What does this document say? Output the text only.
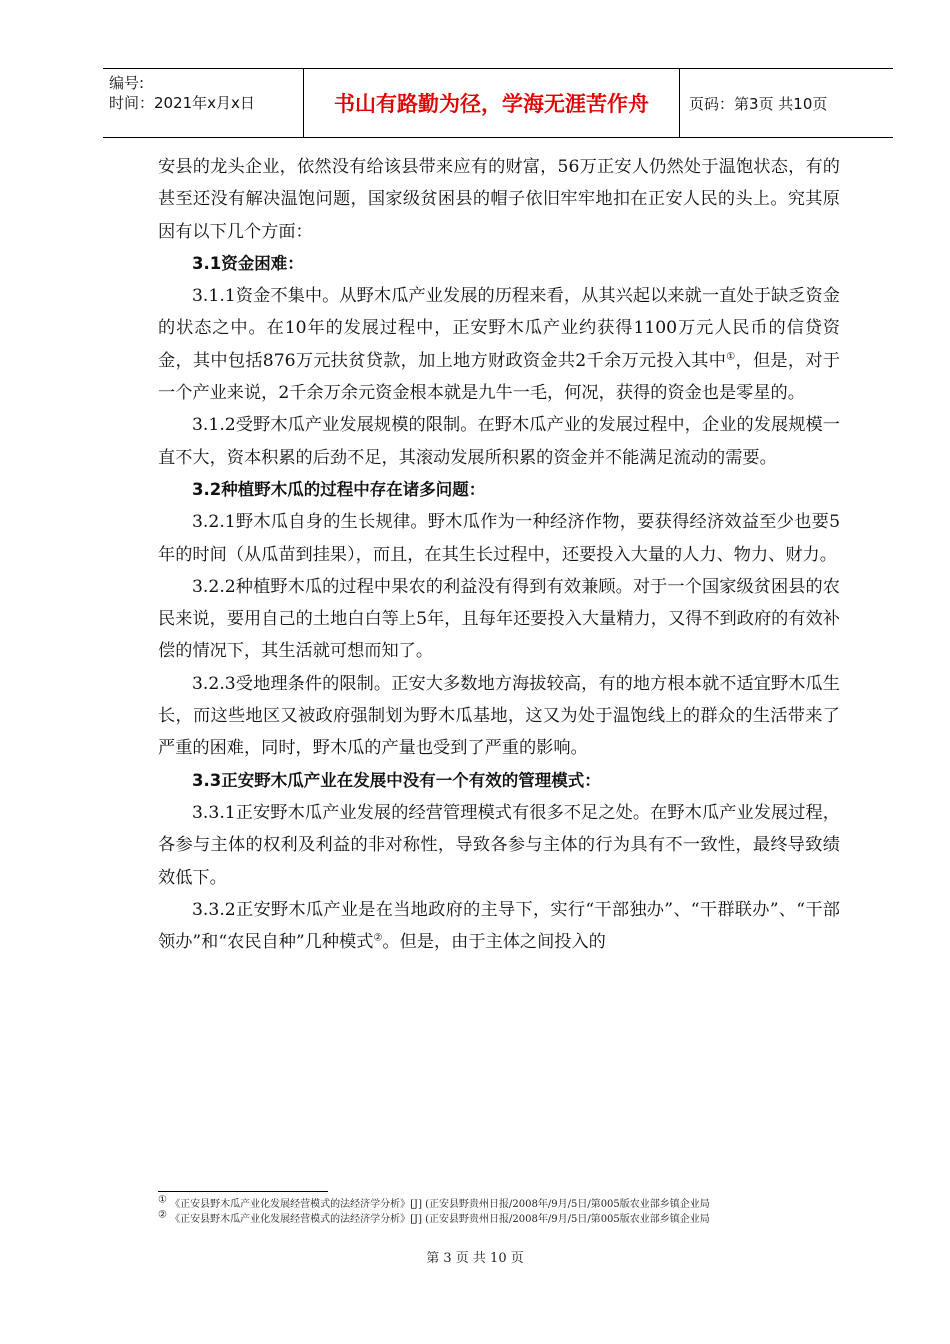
编号:
时间：2021年x月x日	书山有路勤为径，学海无涯苦作舟	页码：第3页 共10页

安县的龙头企业，依然没有给该县带来应有的财富，56万正安人仍然处于温饱状态，有的甚至还没有解决温饱问题，国家级贫困县的帽子依旧牢牢地扣在正安人民的头上。究其原因有以下几个方面：

3.1资金困难：

3.1.1资金不集中。从野木瓜产业发展的历程来看，从其兴起以来就一直处于缺乏资金的状态之中。在10年的发展过程中，正安野木瓜产业约获得1100万元人民币的信贷资金，其中包括876万元扶贫贷款，加上地方财政资金共2千余万元投入其中①，但是，对于一个产业来说，2千余万余元资金根本就是九牛一毛，何况，获得的资金也是零星的。

3.1.2受野木瓜产业发展规模的限制。在野木瓜产业的发展过程中，企业的发展规模一直不大，资本积累的后劲不足，其滚动发展所积累的资金并不能满足流动的需要。

3.2种植野木瓜的过程中存在诸多问题：

3.2.1野木瓜自身的生长规律。野木瓜作为一种经济作物，要获得经济效益至少也要5年的时间（从瓜苗到挂果），而且，在其生长过程中，还要投入大量的人力、物力、财力。

3.2.2种植野木瓜的过程中果农的利益没有得到有效兼顾。对于一个国家级贫困县的农民来说，要用自己的土地白白等上5年，且每年还要投入大量精力，又得不到政府的有效补偿的情况下，其生活就可想而知了。

3.2.3受地理条件的限制。正安大多数地方海拔较高，有的地方根本就不适宜野木瓜生长，而这些地区又被政府强制划为野木瓜基地，这又为处于温饱线上的群众的生活带来了严重的困难，同时，野木瓜的产量也受到了严重的影响。

3.3正安野木瓜产业在发展中没有一个有效的管理模式：

3.3.1正安野木瓜产业发展的经营管理模式有很多不足之处。在野木瓜产业发展过程，各参与主体的权利及利益的非对称性，导致各参与主体的行为具有不一致性，最终导致绩效低下。

3.3.2正安野木瓜产业是在当地政府的主导下，实行“干部独办”、“干群联办”、“干部领办”和“农民自种”几种模式②。但是，由于主体之间投入的

① 《正安县野木瓜产业化发展经营模式的法经济学分析》[J] (正安县野贵州日报/2008年/9月/5日/第005版农业部乡镇企业局
② 《正安县野木瓜产业化发展经营模式的法经济学分析》[J] (正安县野贵州日报/2008年/9月/5日/第005版农业部乡镇企业局
第 3 页 共 10 页
